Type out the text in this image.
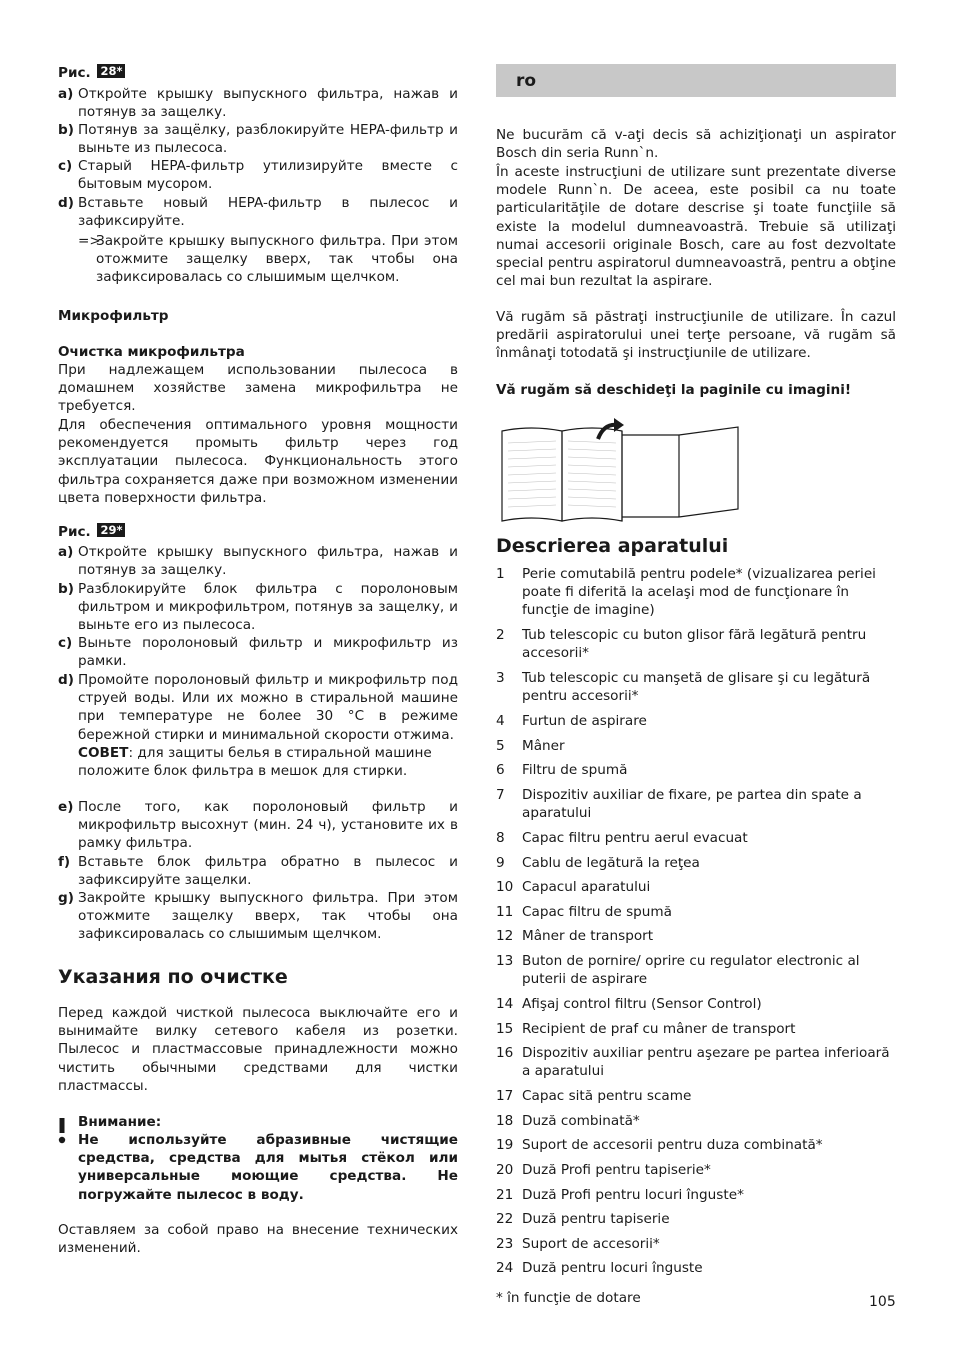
Рис. 28*
a) Откройте крышку выпускного фильтра, нажав и потянув за защелку.
b) Потянув за защёлку, разблокируйте HEPA-фильтр и выньте из пылесоса.
c) Старый HEPA-фильтр утилизируйте вместе с бытовым мусором.
d) Вставьте новый HEPA-фильтр в пылесос и зафиксируйте.
=>
Закройте крышку выпускного фильтра. При этом отожмите защелку вверх, так чтобы она зафиксировалась со слышимым щелчком.
Микрофильтр
Очистка микрофильтра

При надлежащем использовании пылесоса в домашнем хозяйстве замена микрофильтра не требуется.

Для обеспечения оптимального уровня мощности рекомендуется промыть фильтр через год эксплуатации пылесоса. Функциональность этого фильтра сохраняется даже при возможном изменении цвета поверхности фильтра.

Рис. 29*
a) Откройте крышку выпускного фильтра, нажав и потянув за защелку.
b) Разблокируйте блок фильтра с поролоновым фильтром и микрофильтром, потянув за защелку, и выньте его из пылесоса.
c) Выньте поролоновый фильтр и микрофильтр из рамки.
d) Промойте поролоновый фильтр и микрофильтр под струей воды. Или их можно в стиральной машине при температуре не более 30 °C в режиме бережной стирки и минимальной скорости отжима.
СОВЕТ: для защиты белья в стиральной машине положите блок фильтра в мешок для стирки.
e) После того, как поролоновый фильтр и микрофильтр высохнут (мин. 24 ч), установите их в рамку фильтра.
f) Вставьте блок фильтра обратно в пылесос и зафиксируйте защелки.
g) Закройте крышку выпускного фильтра. При этом отожмите защелку вверх, так чтобы она зафиксировалась со слышимым щелчком.
Указания по очистке

Перед каждой чисткой пылесоса выключайте его и вынимайте вилку сетевого кабеля из розетки. Пылесос и пластмассовые принадлежности можно чистить обычными средствами для чистки пластмассы.

Внимание:

Не используйте абразивные чистящие средства, средства для мытья стёкол или универсальные моющие средства. Не погружайте пылесос в воду.

Оставляем за собой право на внесение технических изменений.

ro

Ne bucurăm că v-aţi decis să achiziţionaţi un aspirator Bosch din seria Runn`n.

În aceste instrucţiuni de utilizare sunt prezentate diverse modele Runn`n. De aceea, este posibil ca nu toate particularităţile de dotare descrise şi toate funcţiile să existe la modelul dumneavoastră. Trebuie să utilizaţi numai accesorii originale Bosch, care au fost dezvoltate special pentru aspiratorul dumneavoastră, pentru a obţine cel mai bun rezultat la aspirare.

Vă rugăm să păstraţi instrucţiunile de utilizare. În cazul predării aspiratorului unei terţe persoane, vă rugăm să înmânaţi totodată şi instrucţiunile de utilizare.

Vă rugăm să deschideţi la paginile cu imagini!
Descrierea aparatului
1 Perie comutabilă pentru podele* (vizualizarea periei poate fi diferită la acelaşi mod de funcţionare în funcţie de imagine)
2 Tub telescopic cu buton glisor fără legătură pentru accesorii*
3 Tub telescopic cu manşetă de glisare şi cu legătură pentru accesorii*
4 Furtun de aspirare
5 Mâner
6 Filtru de spumă
7 Dispozitiv auxiliar de fixare, pe partea din spate a aparatului
8 Capac filtru pentru aerul evacuat
9 Cablu de legătură la reţea
10 Capacul aparatului
11 Capac filtru de spumă
12 Mâner de transport
13 Buton de pornire/ oprire cu regulator electronic al puterii de aspirare
14 Afişaj control filtru (Sensor Control)
15 Recipient de praf cu mâner de transport
16 Dispozitiv auxiliar pentru aşezare pe partea inferioară a aparatului
17 Capac sită pentru scame
18 Duză combinată*
19 Suport de accesorii pentru duza combinată*
20 Duză Profi pentru tapiserie*
21 Duză Profi pentru locuri înguste*
22 Duză pentru tapiserie
23 Suport de accesorii*
24 Duză pentru locuri înguste
* în funcţie de dotare	105
